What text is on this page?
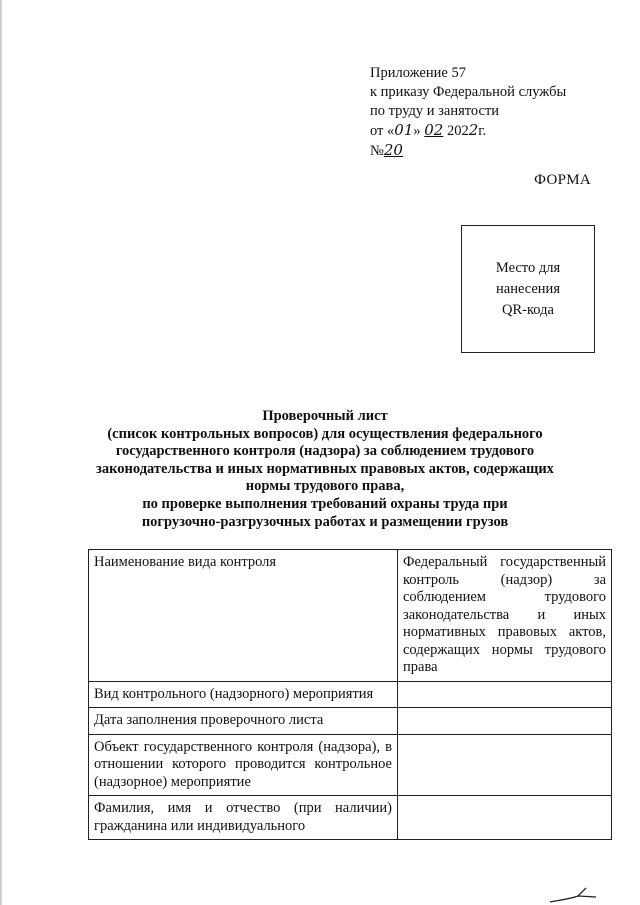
Приложение 57
к приказу Федеральной службы
по труду и занятости
от «01» 02 2022г.
№20
ФОРМА
Место для
нанесения
QR-кода
Проверочный лист
(список контрольных вопросов) для осуществления федерального
государственного контроля (надзора) за соблюдением трудового
законодательства и иных нормативных правовых актов, содержащих
нормы трудового права,
по проверке выполнения требований охраны труда при
погрузочно-разгрузочных работах и размещении грузов
Наименование вида контроля	Федеральный государственный контроль (надзор) за соблюдением трудового законодательства и иных нормативных правовых актов, содержащих нормы трудового права
Вид контрольного (надзорного) мероприятия	
Дата заполнения проверочного листа	
Объект государственного контроля (надзора), в отношении которого проводится контрольное (надзорное) мероприятие	
Фамилия, имя и отчество (при наличии) гражданина или индивидуального	
